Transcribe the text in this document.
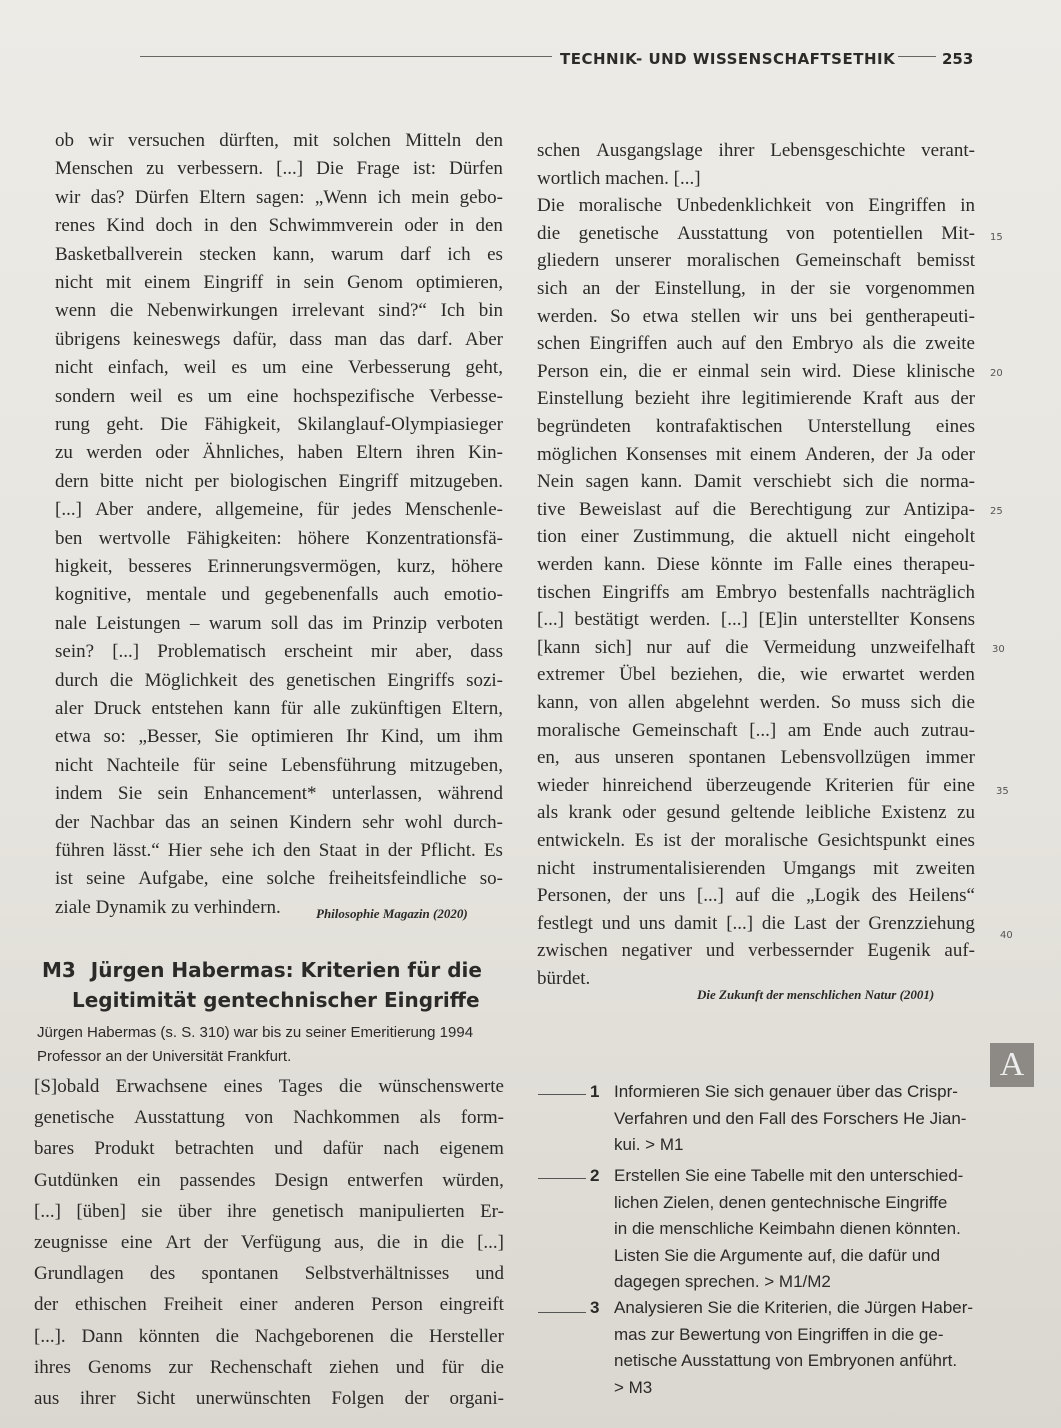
TECHNIK- UND WISSENSCHAFTSETHIK	253
ob wir versuchen dürften, mit solchen Mitteln den
Menschen zu verbessern. [...] Die Frage ist: Dürfen
wir das? Dürfen Eltern sagen: „Wenn ich mein gebo-
renes Kind doch in den Schwimmverein oder in den
Basketballverein stecken kann, warum darf ich es
nicht mit einem Eingriff in sein Genom optimieren,
wenn die Nebenwirkungen irrelevant sind?“ Ich bin
übrigens keineswegs dafür, dass man das darf. Aber
nicht einfach, weil es um eine Verbesserung geht,
sondern weil es um eine hochspezifische Verbesse-
rung geht. Die Fähigkeit, Skilanglauf-Olympiasieger
zu werden oder Ähnliches, haben Eltern ihren Kin-
dern bitte nicht per biologischen Eingriff mitzugeben.
[...] Aber andere, allgemeine, für jedes Menschenle-
ben wertvolle Fähigkeiten: höhere Konzentrationsfä-
higkeit, besseres Erinnerungsvermögen, kurz, höhere
kognitive, mentale und gegebenenfalls auch emotio-
nale Leistungen – warum soll das im Prinzip verboten
sein? [...] Problematisch erscheint mir aber, dass
durch die Möglichkeit des genetischen Eingriffs sozi-
aler Druck entstehen kann für alle zukünftigen Eltern,
etwa so: „Besser, Sie optimieren Ihr Kind, um ihm
nicht Nachteile für seine Lebensführung mitzugeben,
indem Sie sein Enhancement* unterlassen, während
der Nachbar das an seinen Kindern sehr wohl durch-
führen lässt.“ Hier sehe ich den Staat in der Pflicht. Es
ist seine Aufgabe, eine solche freiheitsfeindliche so-
ziale Dynamik zu verhindern.	Philosophie Magazin (2020)
schen Ausgangslage ihrer Lebensgeschichte verant-
wortlich machen. [...]
Die moralische Unbedenklichkeit von Eingriffen in
die genetische Ausstattung von potentiellen Mit-
gliedern unserer moralischen Gemeinschaft bemisst
sich an der Einstellung, in der sie vorgenommen
werden. So etwa stellen wir uns bei gentherapeuti-
schen Eingriffen auch auf den Embryo als die zweite
Person ein, die er einmal sein wird. Diese klinische
Einstellung bezieht ihre legitimierende Kraft aus der
begründeten kontrafaktischen Unterstellung eines
möglichen Konsenses mit einem Anderen, der Ja oder
Nein sagen kann. Damit verschiebt sich die norma-
tive Beweislast auf die Berechtigung zur Antizipa-
tion einer Zustimmung, die aktuell nicht eingeholt
werden kann. Diese könnte im Falle eines therapeu-
tischen Eingriffs am Embryo bestenfalls nachträglich
[...] bestätigt werden. [...] [E]in unterstellter Konsens
[kann sich] nur auf die Vermeidung unzweifelhaft
extremer Übel beziehen, die, wie erwartet werden
kann, von allen abgelehnt werden. So muss sich die
moralische Gemeinschaft [...] am Ende auch zutrau-
en, aus unseren spontanen Lebensvollzügen immer
wieder hinreichend überzeugende Kriterien für eine
als krank oder gesund geltende leibliche Existenz zu
entwickeln. Es ist der moralische Gesichtspunkt eines
nicht instrumentalisierenden Umgangs mit zweiten
Personen, der uns [...] auf die „Logik des Heilens“
festlegt und uns damit [...] die Last der Grenzziehung
zwischen negativer und verbessernder Eugenik auf-
bürdet.
Die Zukunft der menschlichen Natur (2001)
15
20
25
30
35
40
M3 Jürgen Habermas: Kriterien für die
Legitimität gentechnischer Eingriffe
Jürgen Habermas (s. S. 310) war bis zu seiner Emeritierung 1994
Professor an der Universität Frankfurt.
[S]obald Erwachsene eines Tages die wünschenswerte
genetische Ausstattung von Nachkommen als form-
bares Produkt betrachten und dafür nach eigenem
Gutdünken ein passendes Design entwerfen würden,
[...] [üben] sie über ihre genetisch manipulierten Er-
zeugnisse eine Art der Verfügung aus, die in die [...]
Grundlagen des spontanen Selbstverhältnisses und
der ethischen Freiheit einer anderen Person eingreift
[...]. Dann könnten die Nachgeborenen die Hersteller
ihres Genoms zur Rechenschaft ziehen und für die
aus ihrer Sicht unerwünschten Folgen der organi-
A
1 Informieren Sie sich genauer über das Crispr-
Verfahren und den Fall des Forschers He Jian-
kui. > M1
2 Erstellen Sie eine Tabelle mit den unterschied-
lichen Zielen, denen gentechnische Eingriffe
in die menschliche Keimbahn dienen könnten.
Listen Sie die Argumente auf, die dafür und
dagegen sprechen. > M1/M2
3 Analysieren Sie die Kriterien, die Jürgen Haber-
mas zur Bewertung von Eingriffen in die ge-
netische Ausstattung von Embryonen anführt.
> M3
